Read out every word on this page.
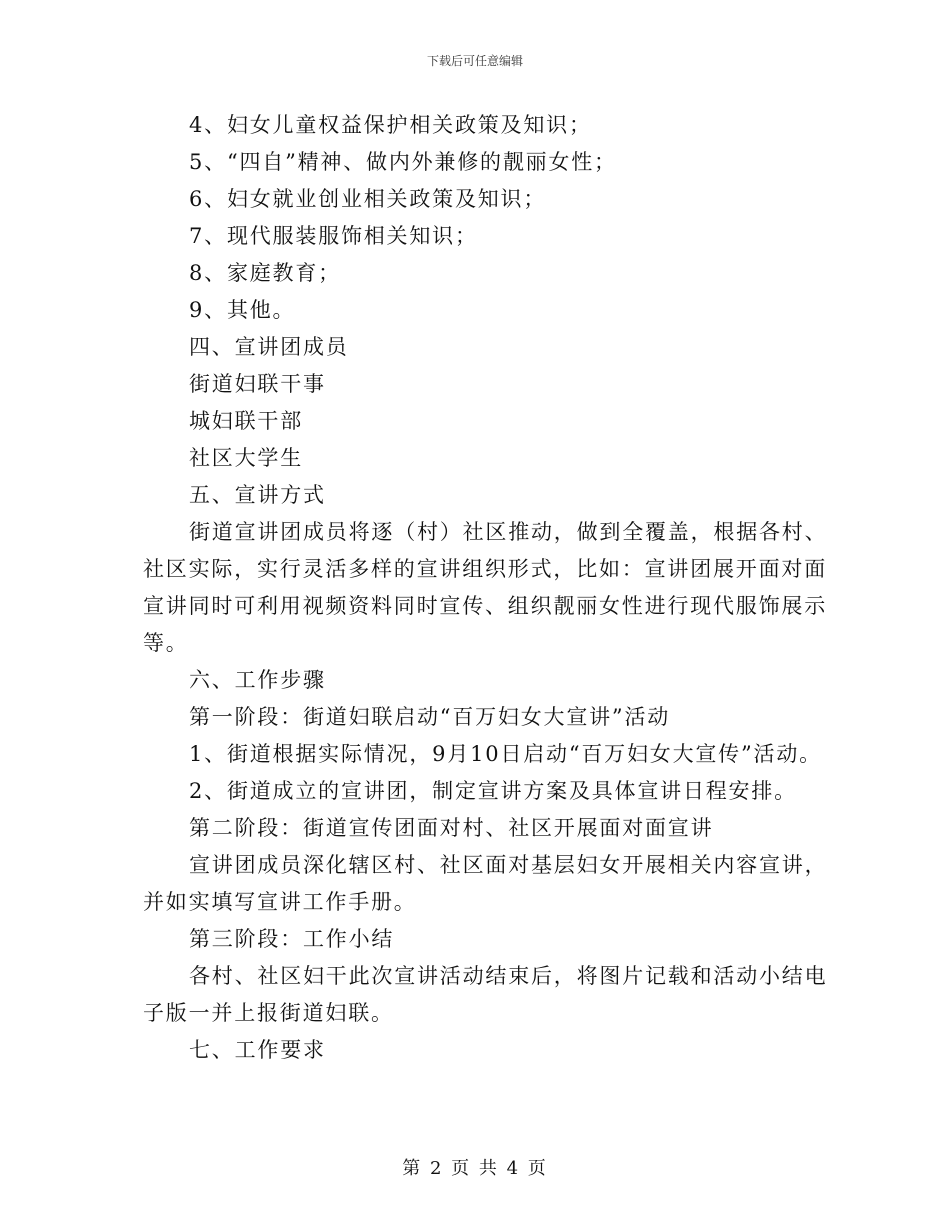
下载后可任意编辑
4、妇女儿童权益保护相关政策及知识；
5、“四自”精神、做内外兼修的靓丽女性；
6、妇女就业创业相关政策及知识；
7、现代服装服饰相关知识；
8、家庭教育；
9、其他。
四、宣讲团成员
街道妇联干事
城妇联干部
社区大学生
五、宣讲方式
街道宣讲团成员将逐（村）社区推动，做到全覆盖，根据各村、
社区实际，实行灵活多样的宣讲组织形式，比如：宣讲团展开面对面
宣讲同时可利用视频资料同时宣传、组织靓丽女性进行现代服饰展示
等。
六、工作步骤
第一阶段：街道妇联启动“百万妇女大宣讲”活动
1、街道根据实际情况，9月10日启动“百万妇女大宣传”活动。
2、街道成立的宣讲团，制定宣讲方案及具体宣讲日程安排。
第二阶段：街道宣传团面对村、社区开展面对面宣讲
宣讲团成员深化辖区村、社区面对基层妇女开展相关内容宣讲，
并如实填写宣讲工作手册。
第三阶段：工作小结
各村、社区妇干此次宣讲活动结束后，将图片记载和活动小结电
子版一并上报街道妇联。
七、工作要求
第 2 页 共 4 页
